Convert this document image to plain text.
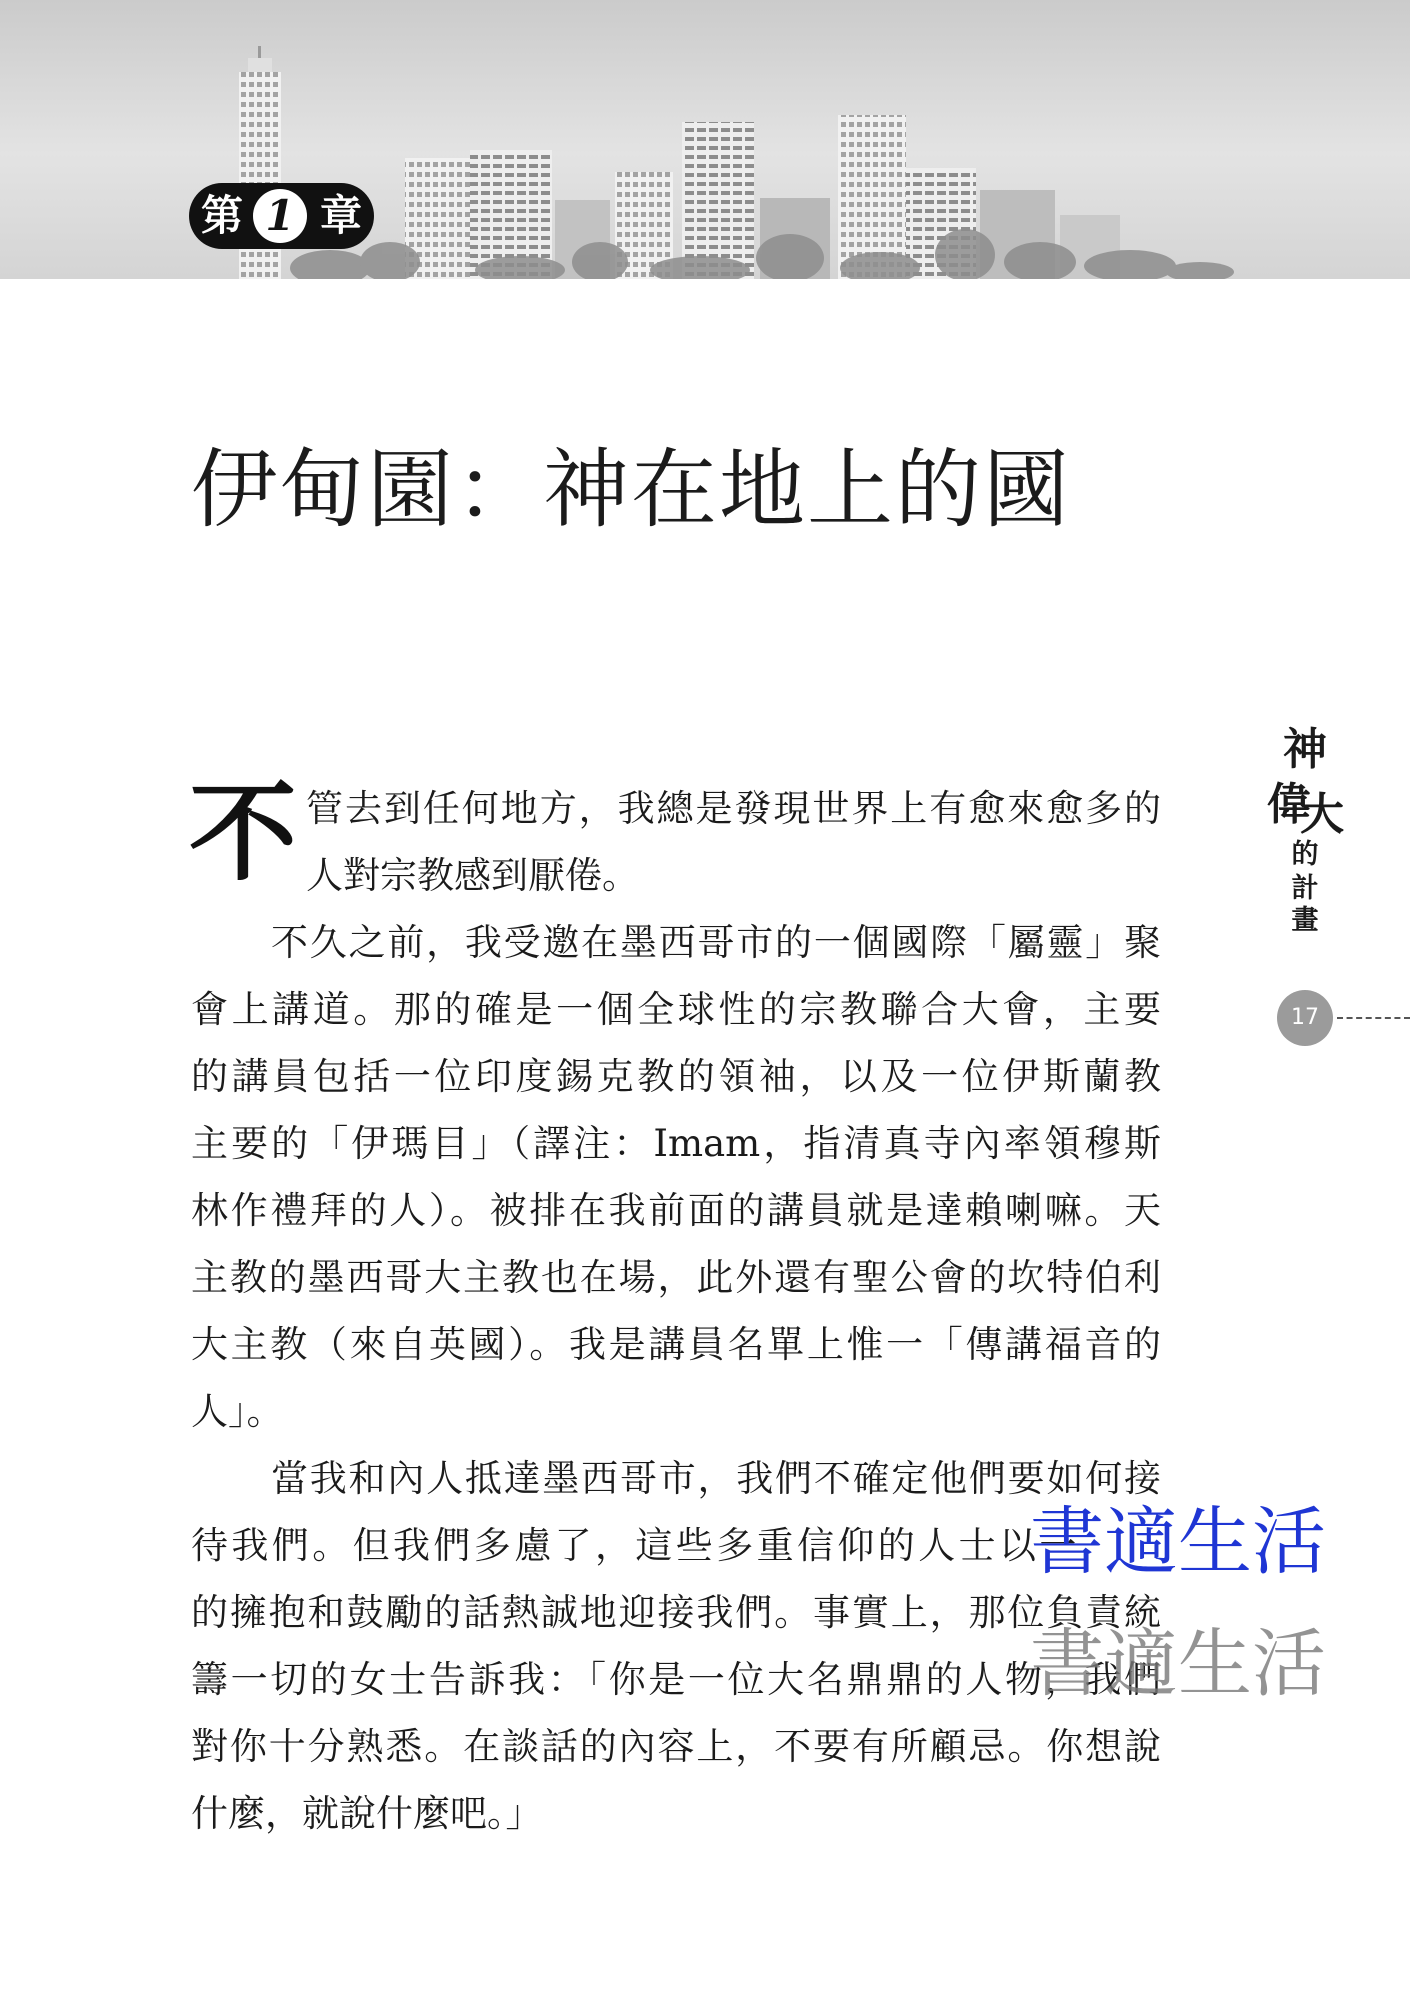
第 1 章
伊甸園：神在地上的國
神
偉
大
的
計
畫
17
不 管去到任何地方，我總是發現世界上有愈來愈多的
人對宗教感到厭倦。
不久之前，我受邀在墨西哥市的一個國際「屬靈」聚
會上講道。那的確是一個全球性的宗教聯合大會，主要
的講員包括一位印度錫克教的領袖，以及一位伊斯蘭教
主要的「伊瑪目」（譯注：Imam，指清真寺內率領穆斯
林作禮拜的人）。被排在我前面的講員就是達賴喇嘛。天
主教的墨西哥大主教也在場，此外還有聖公會的坎特伯利
大主教（來自英國）。我是講員名單上惟一「傳講福音的
人」。
當我和內人抵達墨西哥市，我們不確定他們要如何接
待我們。但我們多慮了，這些多重信仰的人士以一
的擁抱和鼓勵的話熱誠地迎接我們。事實上，那位負責統
籌一切的女士告訴我：「你是一位大名鼎鼎的人物，我們
對你十分熟悉。在談話的內容上，不要有所顧忌。你想說
什麼，就說什麼吧。」
書適生活
書適生活
